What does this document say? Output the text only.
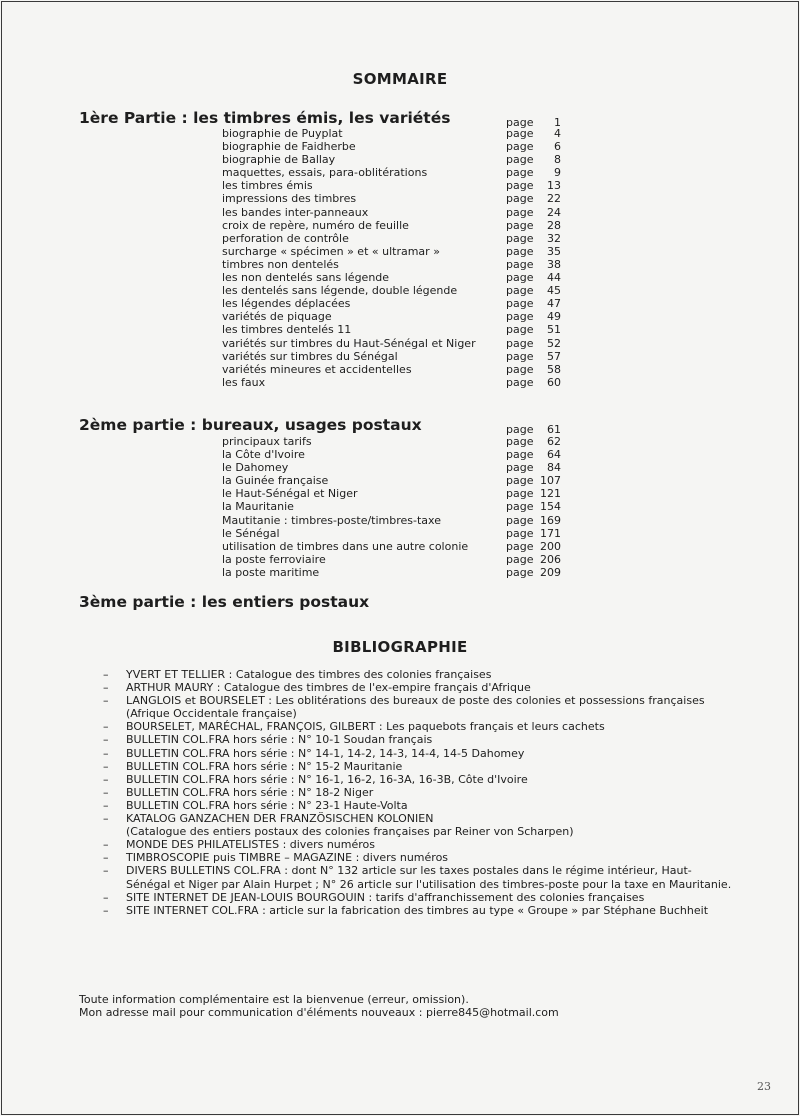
SOMMAIRE
1ère Partie : les timbres émis, les variétés	page 1
biographie de Puyplat	page	4
biographie de Faidherbe	page	6
biographie de Ballay	page	8
maquettes, essais, para-oblitérations	page	9
les timbres émis	page	13
impressions des timbres	page	22
les bandes inter-panneaux	page	24
croix de repère, numéro de feuille	page	28
perforation de contrôle	page	32
surcharge « spécimen » et « ultramar »	page	35
timbres non dentelés	page	38
les non dentelés sans légende	page	44
les dentelés sans légende, double légende	page	45
les légendes déplacées	page	47
variétés de piquage	page	49
les timbres dentelés 11	page	51
variétés sur timbres du Haut-Sénégal et Niger	page	52
variétés sur timbres du Sénégal	page	57
variétés mineures et accidentelles	page	58
les faux	page	60
2ème partie : bureaux, usages postaux	page 61
principaux tarifs	page	62
la Côte d'Ivoire	page	64
le Dahomey	page	84
la Guinée française	page 107
le Haut-Sénégal et Niger	page 121
la Mauritanie	page 154
Mautitanie : timbres-poste/timbres-taxe	page 169
le Sénégal	page 171
utilisation de timbres dans une autre colonie	page 200
la poste ferroviaire	page 206
la poste maritime	page 209
3ème partie : les entiers postaux
BIBLIOGRAPHIE
–	YVERT ET TELLIER : Catalogue des timbres des colonies françaises
–	ARTHUR MAURY : Catalogue des timbres de l'ex-empire français d'Afrique
–	LANGLOIS et BOURSELET : Les oblitérations des bureaux de poste des colonies et possessions françaises
(Afrique Occidentale française)
–	BOURSELET, MARÉCHAL, FRANÇOIS, GILBERT : Les paquebots français et leurs cachets
–	BULLETIN COL.FRA hors série : N° 10-1 Soudan français
–	BULLETIN COL.FRA hors série : N° 14-1, 14-2, 14-3, 14-4, 14-5 Dahomey
–	BULLETIN COL.FRA hors série : N° 15-2 Mauritanie
–	BULLETIN COL.FRA hors série : N° 16-1, 16-2, 16-3A, 16-3B, Côte d'Ivoire
–	BULLETIN COL.FRA hors série : N° 18-2 Niger
–	BULLETIN COL.FRA hors série : N° 23-1 Haute-Volta
–	KATALOG GANZACHEN DER FRANZÖSISCHEN KOLONIEN
(Catalogue des entiers postaux des colonies françaises par Reiner von Scharpen)
–	MONDE DES PHILATELISTES : divers numéros
–	TIMBROSCOPIE puis TIMBRE – MAGAZINE : divers numéros
–	DIVERS BULLETINS COL.FRA : dont N° 132 article sur les taxes postales dans le régime intérieur, Haut-
Sénégal et Niger par Alain Hurpet ; N° 26 article sur l'utilisation des timbres-poste pour la taxe en Mauritanie.
–	SITE INTERNET DE JEAN-LOUIS BOURGOUIN : tarifs d'affranchissement des colonies françaises
–	SITE INTERNET COL.FRA : article sur la fabrication des timbres au type « Groupe » par Stéphane Buchheit
Toute information complémentaire est la bienvenue (erreur, omission).
Mon adresse mail pour communication d'éléments nouveaux : pierre845@hotmail.com
23
